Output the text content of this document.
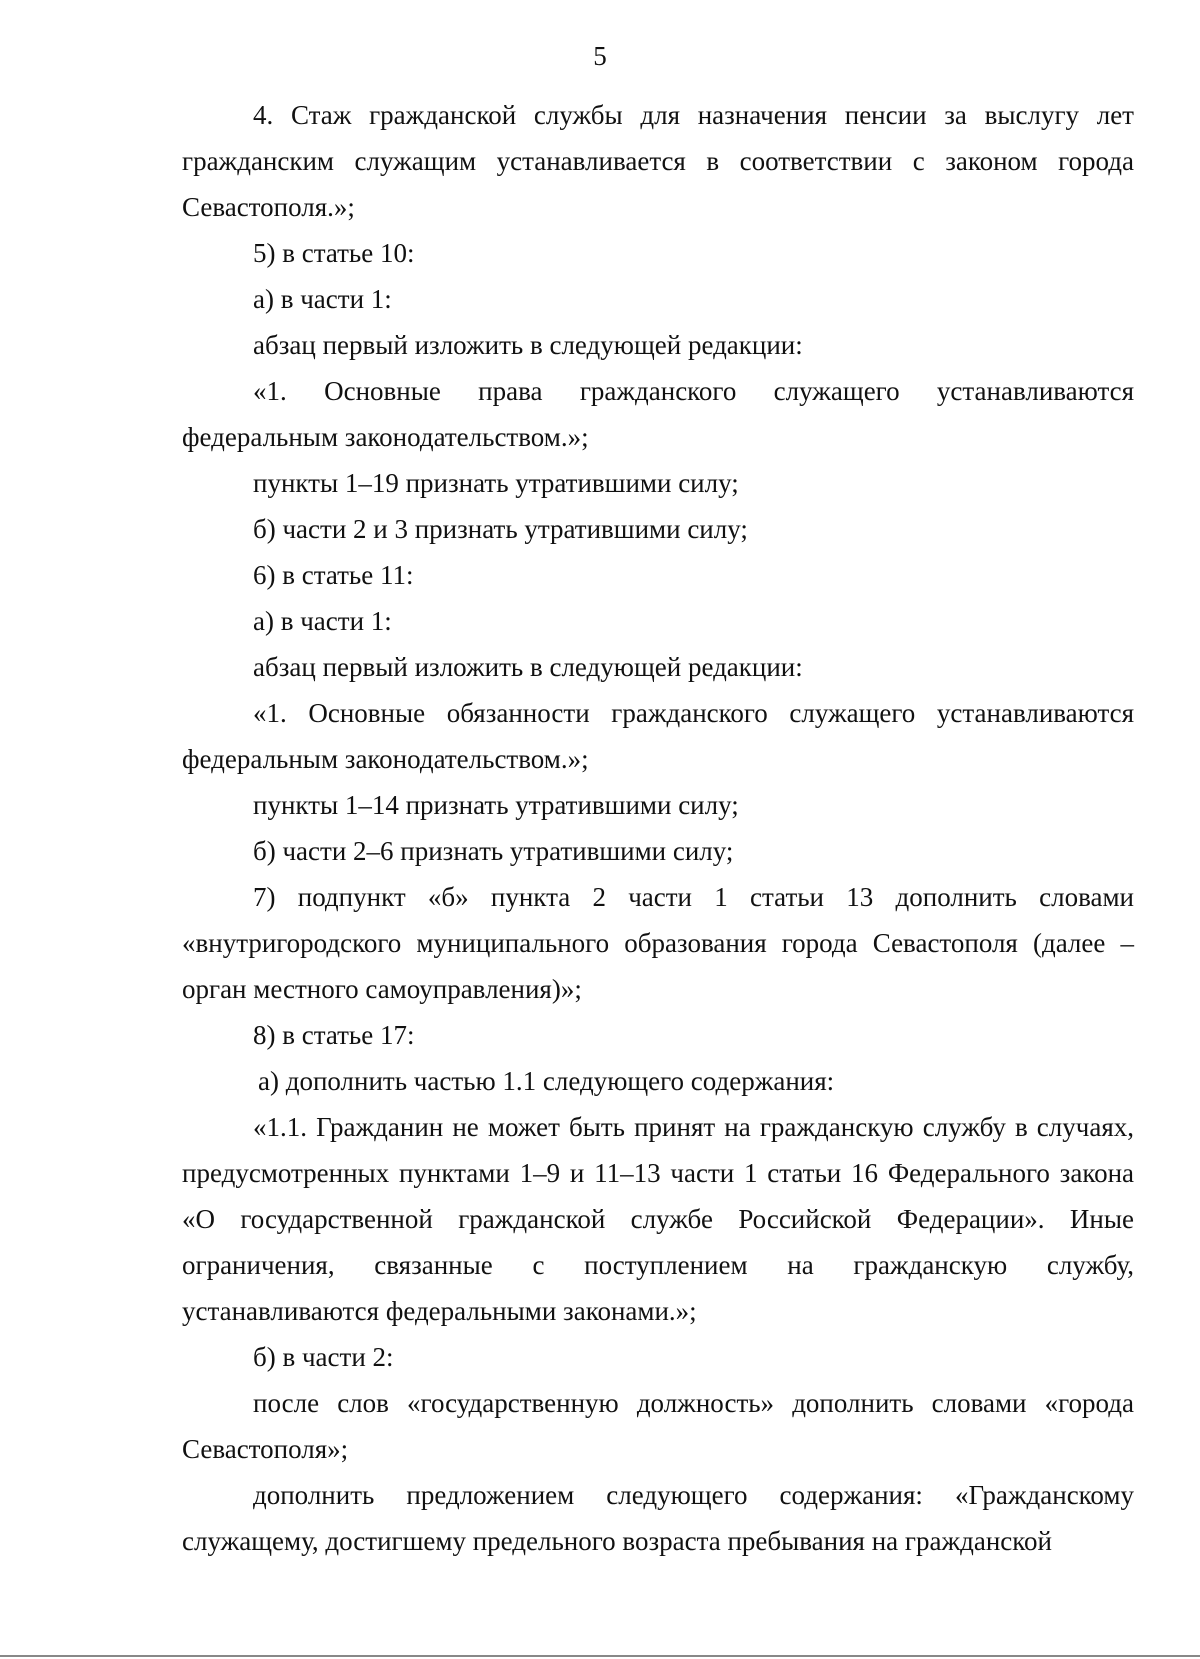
5

4. Стаж гражданской службы для назначения пенсии за выслугу лет гражданским служащим устанавливается в соответствии с законом города Севастополя.»;

5) в статье 10:

а) в части 1:

абзац первый изложить в следующей редакции:

«1. Основные права гражданского служащего устанавливаются федеральным законодательством.»;

пункты 1–19 признать утратившими силу;

б) части 2 и 3 признать утратившими силу;

6) в статье 11:

а) в части 1:

абзац первый изложить в следующей редакции:

«1. Основные обязанности гражданского служащего устанавливаются федеральным законодательством.»;

пункты 1–14 признать утратившими силу;

б) части 2–6 признать утратившими силу;

7) подпункт «б» пункта 2 части 1 статьи 13 дополнить словами «внутригородского муниципального образования города Севастополя (далее – орган местного самоуправления)»;

8) в статье 17:

а) дополнить частью 1.1 следующего содержания:

«1.1. Гражданин не может быть принят на гражданскую службу в случаях, предусмотренных пунктами 1–9 и 11–13 части 1 статьи 16 Федерального закона «О государственной гражданской службе Российской Федерации». Иные ограничения, связанные с поступлением на гражданскую службу, устанавливаются федеральными законами.»;

б) в части 2:

после слов «государственную должность» дополнить словами «города Севастополя»;

дополнить предложением следующего содержания: «Гражданскому служащему, достигшему предельного возраста пребывания на гражданской
